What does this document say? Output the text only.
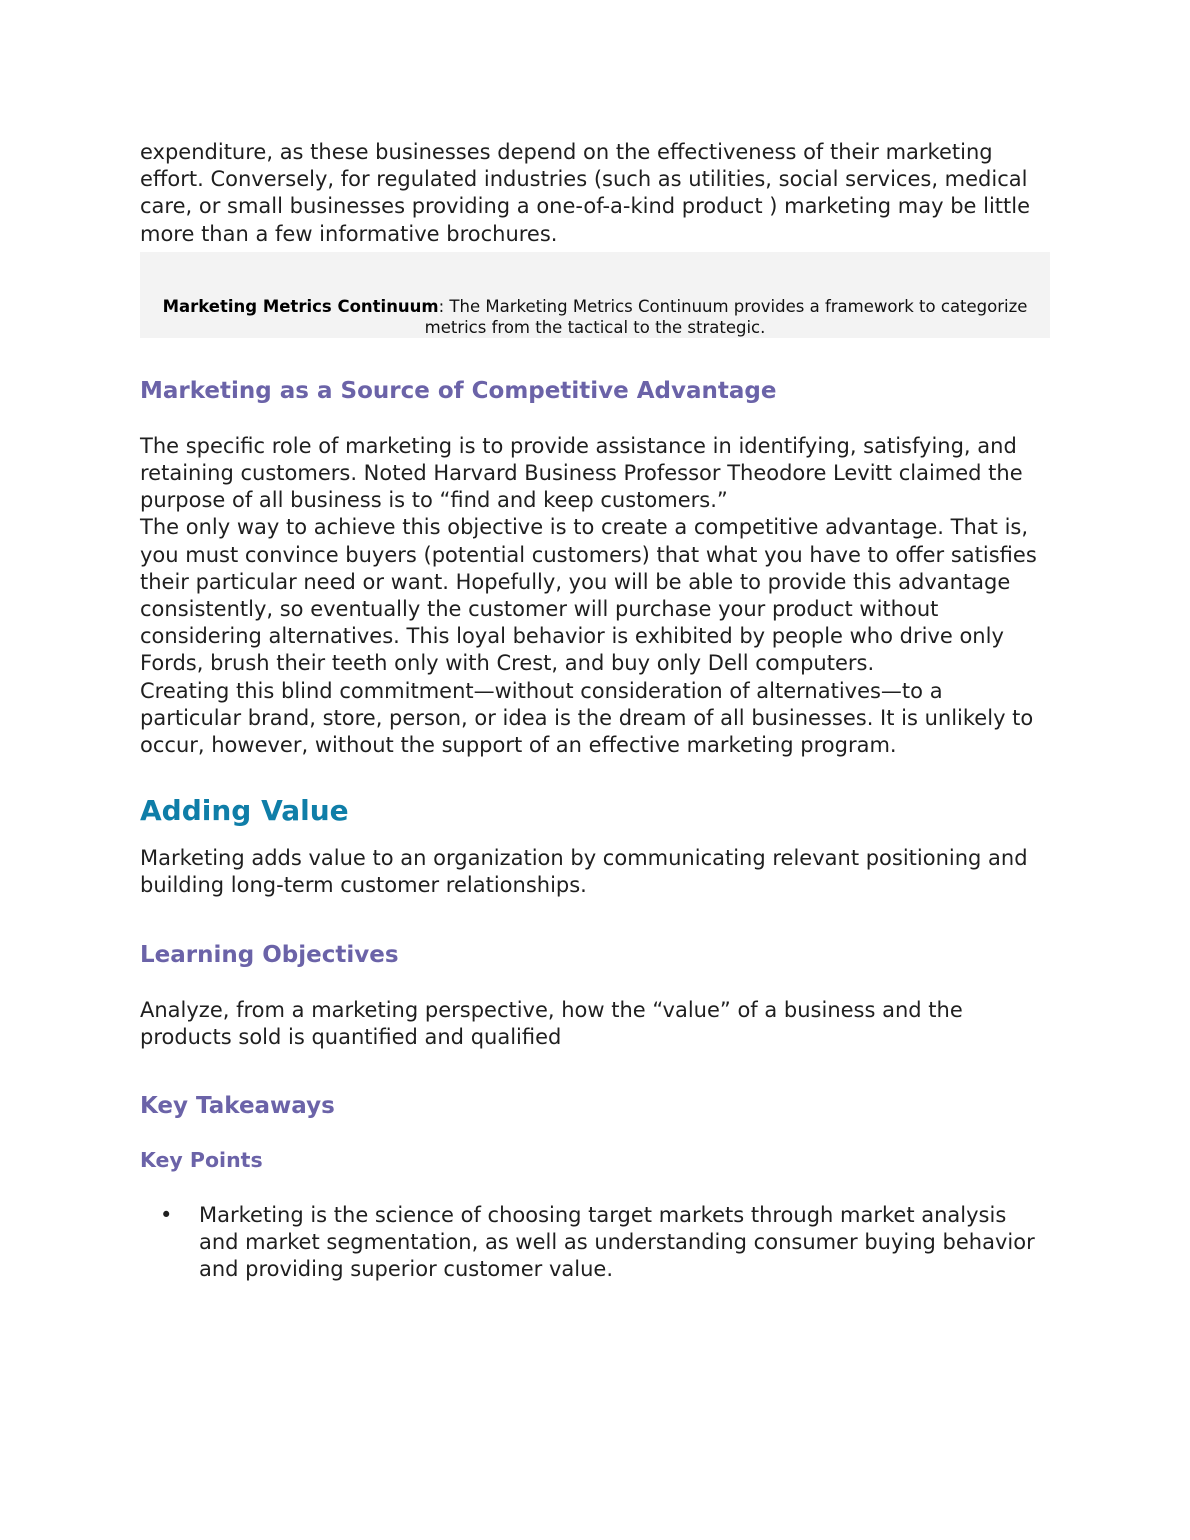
expenditure, as these businesses depend on the effectiveness of their marketing effort. Conversely, for regulated industries (such as utilities, social services, medical care, or small businesses providing a one-of-a-kind product ) marketing may be little more than a few informative brochures.

Marketing Metrics Continuum: The Marketing Metrics Continuum provides a framework to categorize metrics from the tactical to the strategic.
Marketing as a Source of Competitive Advantage

The specific role of marketing is to provide assistance in identifying, satisfying, and retaining customers. Noted Harvard Business Professor Theodore Levitt claimed the purpose of all business is to “find and keep customers.”

The only way to achieve this objective is to create a competitive advantage. That is, you must convince buyers (potential customers) that what you have to offer satisfies their particular need or want. Hopefully, you will be able to provide this advantage consistently, so eventually the customer will purchase your product without considering alternatives. This loyal behavior is exhibited by people who drive only Fords, brush their teeth only with Crest, and buy only Dell computers.

Creating this blind commitment—without consideration of alternatives—to a particular brand, store, person, or idea is the dream of all businesses. It is unlikely to occur, however, without the support of an effective marketing program.

Adding Value

Marketing adds value to an organization by communicating relevant positioning and building long-term customer relationships.

Learning Objectives

Analyze, from a marketing perspective, how the “value” of a business and the products sold is quantified and qualified

Key Takeaways
Key Points
• Marketing is the science of choosing target markets through market analysis and market segmentation, as well as understanding consumer buying behavior and providing superior customer value.
